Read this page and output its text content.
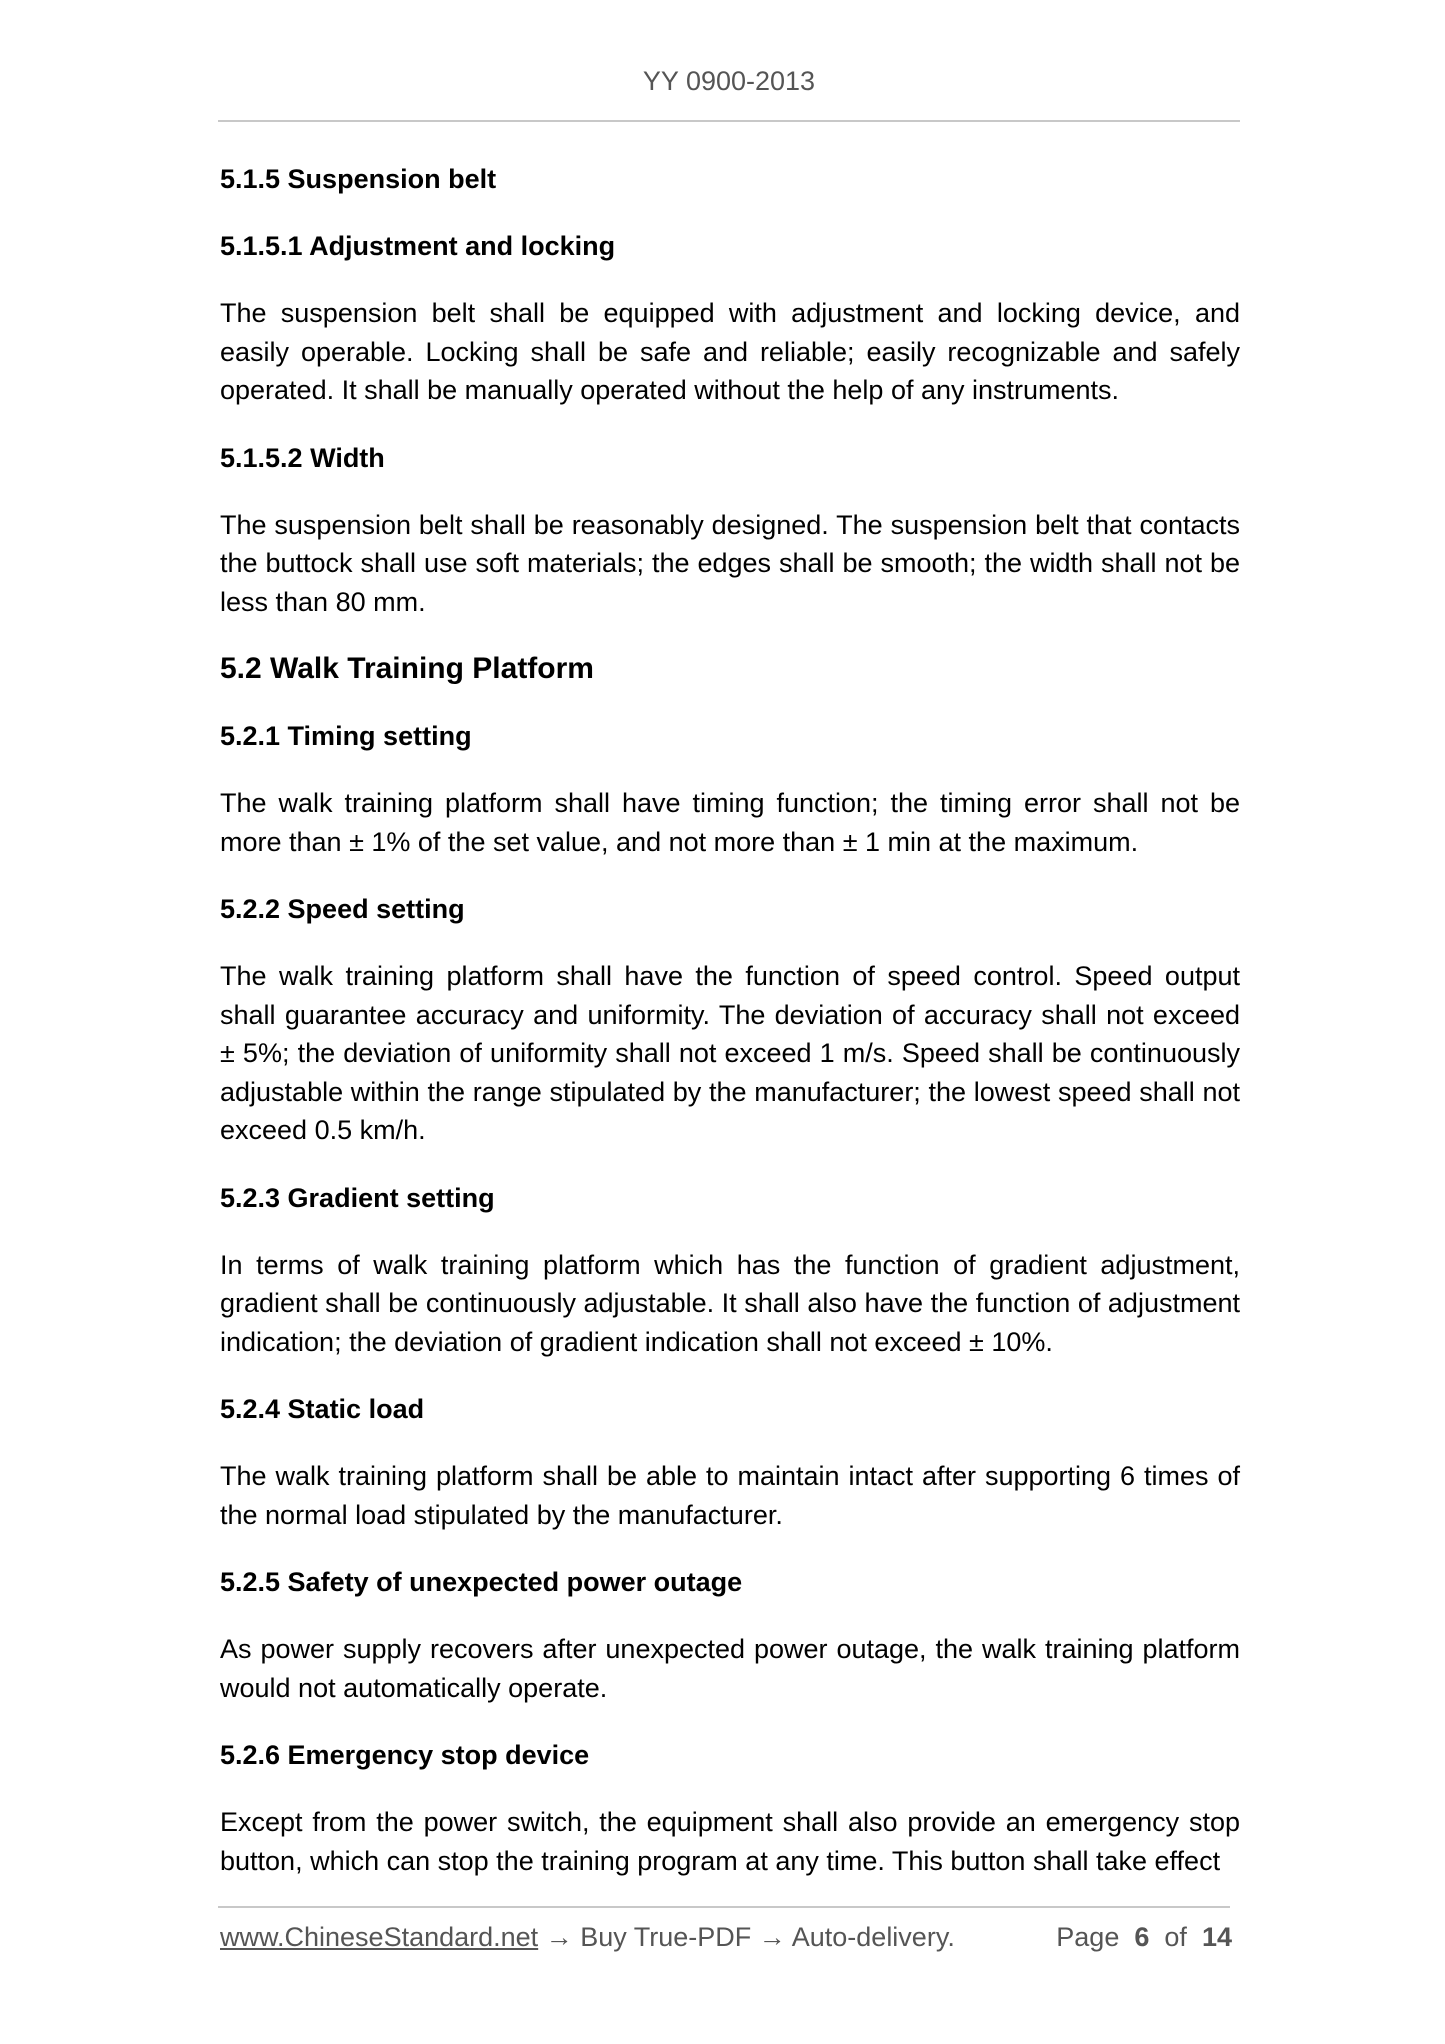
YY 0900-2013
5.1.5 Suspension belt
5.1.5.1 Adjustment and locking
The suspension belt shall be equipped with adjustment and locking device, and easily operable. Locking shall be safe and reliable; easily recognizable and safely operated. It shall be manually operated without the help of any instruments.
5.1.5.2 Width
The suspension belt shall be reasonably designed. The suspension belt that contacts the buttock shall use soft materials; the edges shall be smooth; the width shall not be less than 80 mm.
5.2 Walk Training Platform
5.2.1 Timing setting
The walk training platform shall have timing function; the timing error shall not be more than ± 1% of the set value, and not more than ± 1 min at the maximum.
5.2.2 Speed setting
The walk training platform shall have the function of speed control. Speed output shall guarantee accuracy and uniformity. The deviation of accuracy shall not exceed ± 5%; the deviation of uniformity shall not exceed 1 m/s. Speed shall be continuously adjustable within the range stipulated by the manufacturer; the lowest speed shall not exceed 0.5 km/h.
5.2.3 Gradient setting
In terms of walk training platform which has the function of gradient adjustment, gradient shall be continuously adjustable. It shall also have the function of adjustment indication; the deviation of gradient indication shall not exceed ± 10%.
5.2.4 Static load
The walk training platform shall be able to maintain intact after supporting 6 times of the normal load stipulated by the manufacturer.
5.2.5 Safety of unexpected power outage
As power supply recovers after unexpected power outage, the walk training platform would not automatically operate.
5.2.6 Emergency stop device
Except from the power switch, the equipment shall also provide an emergency stop button, which can stop the training program at any time. This button shall take effect
www.ChineseStandard.net → Buy True-PDF → Auto-delivery.	Page 6 of 14
